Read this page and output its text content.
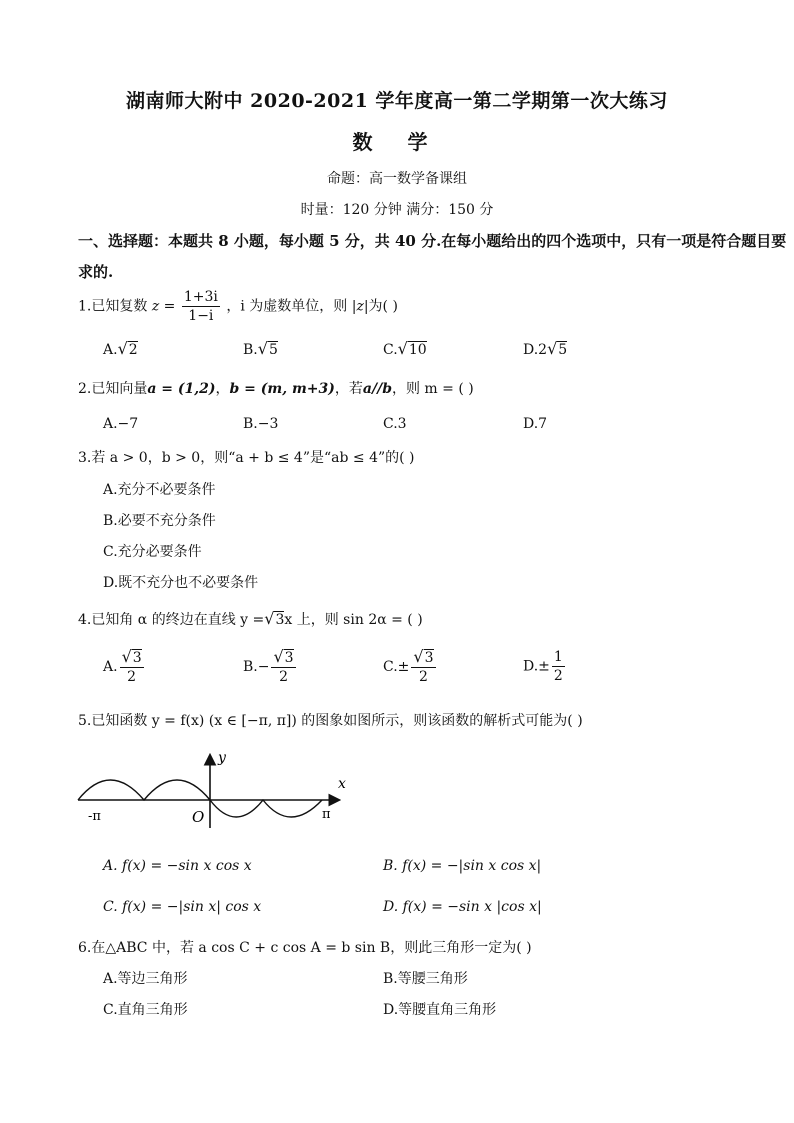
湖南师大附中 2020-2021 学年度高一第二学期第一次大练习
数 学
命题：高一数学备课组
时量：120 分钟 满分：150 分
一、选择题：本题共 8 小题，每小题 5 分，共 40 分.在每小题给出的四个选项中，只有一项是符合题目要
求的.
1.已知复数 $z = \frac{1+3i}{1-i}$ ，i 为虚数单位，则 |z|为( )
A.√2	B.√5	C.√10	D.2√5
2.已知向量a = (1,2)，b = (m, m+3)，若a//b，则 m = ( )
A.−7	B.−3	C.3	D.7
3.若 a > 0，b > 0，则“a + b ≤ 4”是“ab ≤ 4”的( )
A.充分不必要条件
B.必要不充分条件
C.充分必要条件
D.既不充分也不必要条件
4.已知角 α 的终边在直线 y =√3x 上，则 sin 2α = ( )
A. $\frac{√3}{2}$	$B.- \frac{√3}{2}$	$C.\pm \frac{√3}{2}$	$D.\pm \frac{1}{2}$
5.已知函数 y = f(x) (x ∈ [−π, π]) 的图象如图所示，则该函数的解析式可能为( )
y
x
O
-π	π
A. f(x) = −sin x cos x	B. f(x) = −|sin x cos x|
C. f(x) = −|sin x| cos x	D. f(x) = −sin x |cos x|
6.在△ABC 中，若 a cos C + c cos A = b sin B，则此三角形一定为( )
A.等边三角形	B.等腰三角形
C.直角三角形	D.等腰直角三角形
